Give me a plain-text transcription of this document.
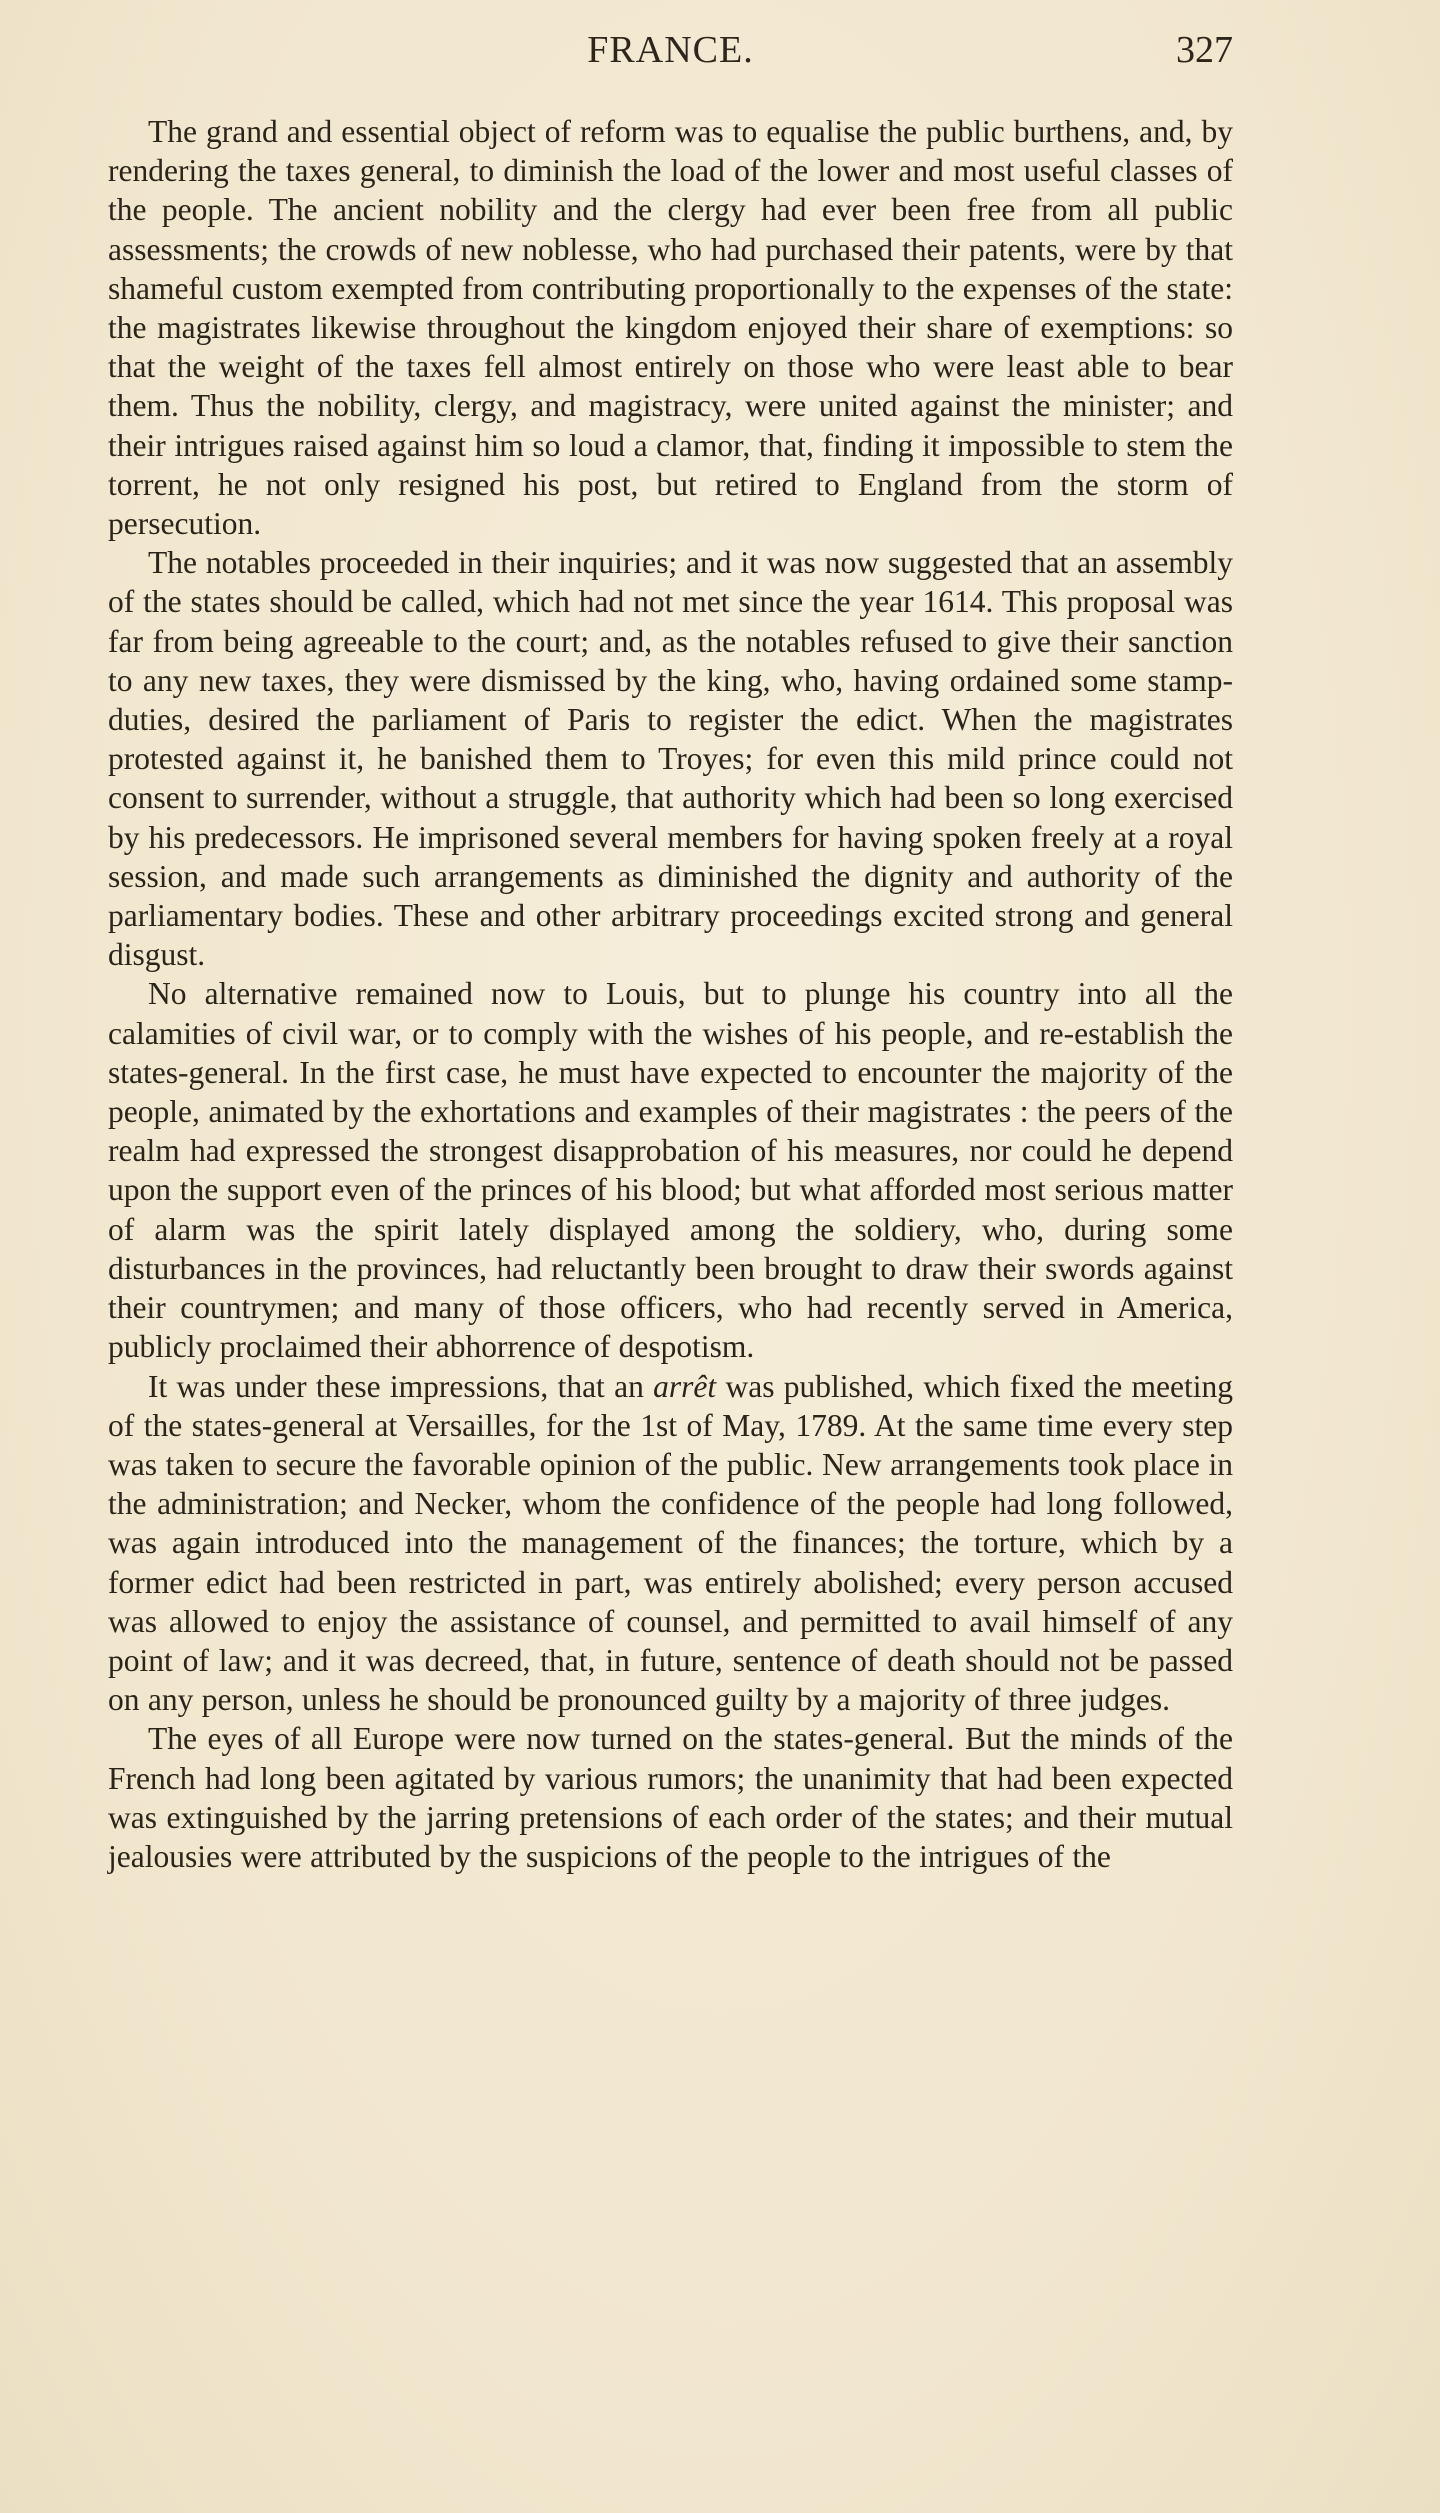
FRANCE.	327

The grand and essential object of reform was to equalise the public burthens, and, by rendering the taxes general, to diminish the load of the lower and most useful classes of the people. The ancient nobility and the clergy had ever been free from all public assessments; the crowds of new noblesse, who had purchased their patents, were by that shameful custom exempted from contributing proportionally to the expenses of the state: the magistrates likewise throughout the kingdom enjoyed their share of exemptions: so that the weight of the taxes fell almost entirely on those who were least able to bear them. Thus the nobility, clergy, and magistracy, were united against the minister; and their intrigues raised against him so loud a clamor, that, finding it impossible to stem the torrent, he not only resigned his post, but retired to England from the storm of persecution.

The notables proceeded in their inquiries; and it was now suggested that an assembly of the states should be called, which had not met since the year 1614. This proposal was far from being agreeable to the court; and, as the notables refused to give their sanction to any new taxes, they were dismissed by the king, who, having ordained some stamp-duties, desired the parliament of Paris to register the edict. When the magistrates protested against it, he banished them to Troyes; for even this mild prince could not consent to surrender, without a struggle, that authority which had been so long exercised by his predecessors. He imprisoned several members for having spoken freely at a royal session, and made such arrangements as diminished the dignity and authority of the parliamentary bodies. These and other arbitrary proceedings excited strong and general disgust.

No alternative remained now to Louis, but to plunge his country into all the calamities of civil war, or to comply with the wishes of his people, and re-establish the states-general. In the first case, he must have expected to encounter the majority of the people, animated by the exhortations and examples of their magistrates : the peers of the realm had expressed the strongest disapprobation of his measures, nor could he depend upon the support even of the princes of his blood; but what afforded most serious matter of alarm was the spirit lately displayed among the soldiery, who, during some disturbances in the provinces, had reluctantly been brought to draw their swords against their countrymen; and many of those officers, who had recently served in America, publicly proclaimed their abhorrence of despotism.

It was under these impressions, that an arrêt was published, which fixed the meeting of the states-general at Versailles, for the 1st of May, 1789. At the same time every step was taken to secure the favorable opinion of the public. New arrangements took place in the administration; and Necker, whom the confidence of the people had long followed, was again introduced into the management of the finances; the torture, which by a former edict had been restricted in part, was entirely abolished; every person accused was allowed to enjoy the assistance of counsel, and permitted to avail himself of any point of law; and it was decreed, that, in future, sentence of death should not be passed on any person, unless he should be pronounced guilty by a majority of three judges.

The eyes of all Europe were now turned on the states-general. But the minds of the French had long been agitated by various rumors; the unanimity that had been expected was extinguished by the jarring pretensions of each order of the states; and their mutual jealousies were attributed by the suspicions of the people to the intrigues of the
